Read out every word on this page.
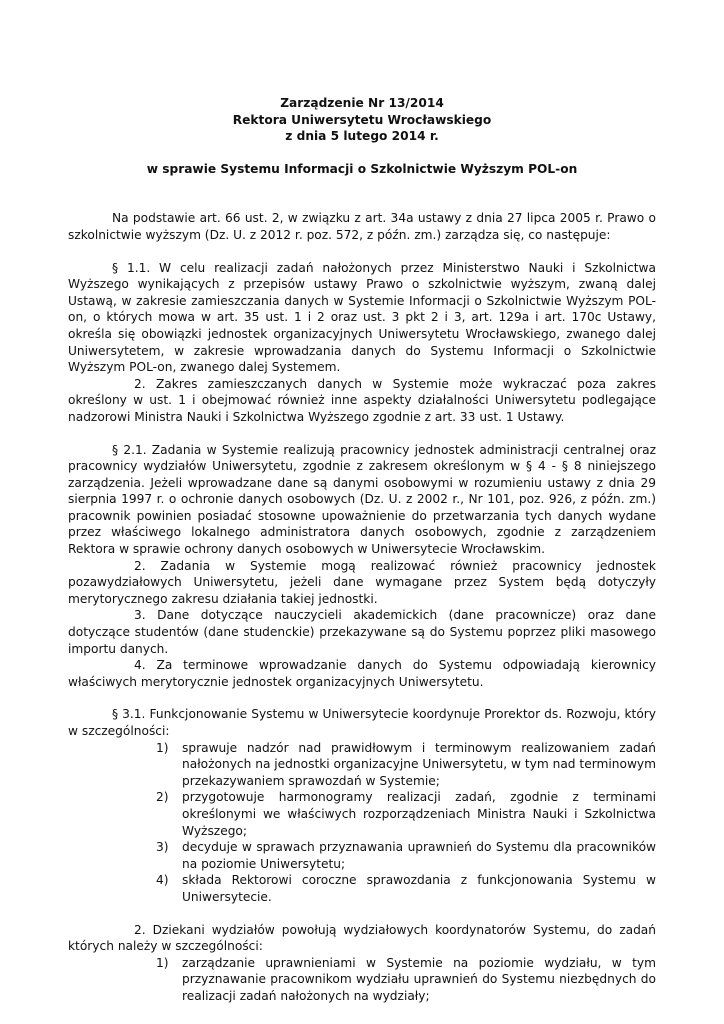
Zarządzenie Nr 13/2014

Rektora Uniwersytetu Wrocławskiego

z dnia 5 lutego 2014 r.

w sprawie Systemu Informacji o Szkolnictwie Wyższym POL-on

Na podstawie art. 66 ust. 2, w związku z art. 34a ustawy z dnia 27 lipca 2005 r. Prawo o szkolnictwie wyższym (Dz. U. z 2012 r. poz. 572, z późn. zm.) zarządza się, co następuje:

§ 1.1. W celu realizacji zadań nałożonych przez Ministerstwo Nauki i Szkolnictwa Wyższego wynikających z przepisów ustawy Prawo o szkolnictwie wyższym, zwaną dalej Ustawą, w zakresie zamieszczania danych w Systemie Informacji o Szkolnictwie Wyższym POL-on, o których mowa w art. 35 ust. 1 i 2 oraz ust. 3 pkt 2 i 3, art. 129a i art. 170c Ustawy, określa się obowiązki jednostek organizacyjnych Uniwersytetu Wrocławskiego, zwanego dalej Uniwersytetem, w zakresie wprowadzania danych do Systemu Informacji o Szkolnictwie Wyższym POL-on, zwanego dalej Systemem.

2. Zakres zamieszczanych danych w Systemie może wykraczać poza zakres określony w ust. 1 i obejmować również inne aspekty działalności Uniwersytetu podlegające nadzorowi Ministra Nauki i Szkolnictwa Wyższego zgodnie z art. 33 ust. 1 Ustawy.

§ 2.1. Zadania w Systemie realizują pracownicy jednostek administracji centralnej oraz pracownicy wydziałów Uniwersytetu, zgodnie z zakresem określonym w § 4 - § 8 niniejszego zarządzenia. Jeżeli wprowadzane dane są danymi osobowymi w rozumieniu ustawy z dnia 29 sierpnia 1997 r. o ochronie danych osobowych (Dz. U. z 2002 r., Nr 101, poz. 926, z późn. zm.) pracownik powinien posiadać stosowne upoważnienie do przetwarzania tych danych wydane przez właściwego lokalnego administratora danych osobowych, zgodnie z zarządzeniem Rektora w sprawie ochrony danych osobowych w Uniwersytecie Wrocławskim.

2. Zadania w Systemie mogą realizować również pracownicy jednostek pozawydziałowych Uniwersytetu, jeżeli dane wymagane przez System będą dotyczyły merytorycznego zakresu działania takiej jednostki.

3. Dane dotyczące nauczycieli akademickich (dane pracownicze) oraz dane dotyczące studentów (dane studenckie) przekazywane są do Systemu poprzez pliki masowego importu danych.

4. Za terminowe wprowadzanie danych do Systemu odpowiadają kierownicy właściwych merytorycznie jednostek organizacyjnych Uniwersytetu.

§ 3.1. Funkcjonowanie Systemu w Uniwersytecie koordynuje Prorektor ds. Rozwoju, który w szczególności:

1) sprawuje nadzór nad prawidłowym i terminowym realizowaniem zadań nałożonych na jednostki organizacyjne Uniwersytetu, w tym nad terminowym przekazywaniem sprawozdań w Systemie;
2) przygotowuje harmonogramy realizacji zadań, zgodnie z terminami określonymi we właściwych rozporządzeniach Ministra Nauki i Szkolnictwa Wyższego;
3) decyduje w sprawach przyznawania uprawnień do Systemu dla pracowników na poziomie Uniwersytetu;
4) składa Rektorowi coroczne sprawozdania z funkcjonowania Systemu w Uniwersytecie.

2. Dziekani wydziałów powołują wydziałowych koordynatorów Systemu, do zadań których należy w szczególności:

1) zarządzanie uprawnieniami w Systemie na poziomie wydziału, w tym przyznawanie pracownikom wydziału uprawnień do Systemu niezbędnych do realizacji zadań nałożonych na wydziały;
